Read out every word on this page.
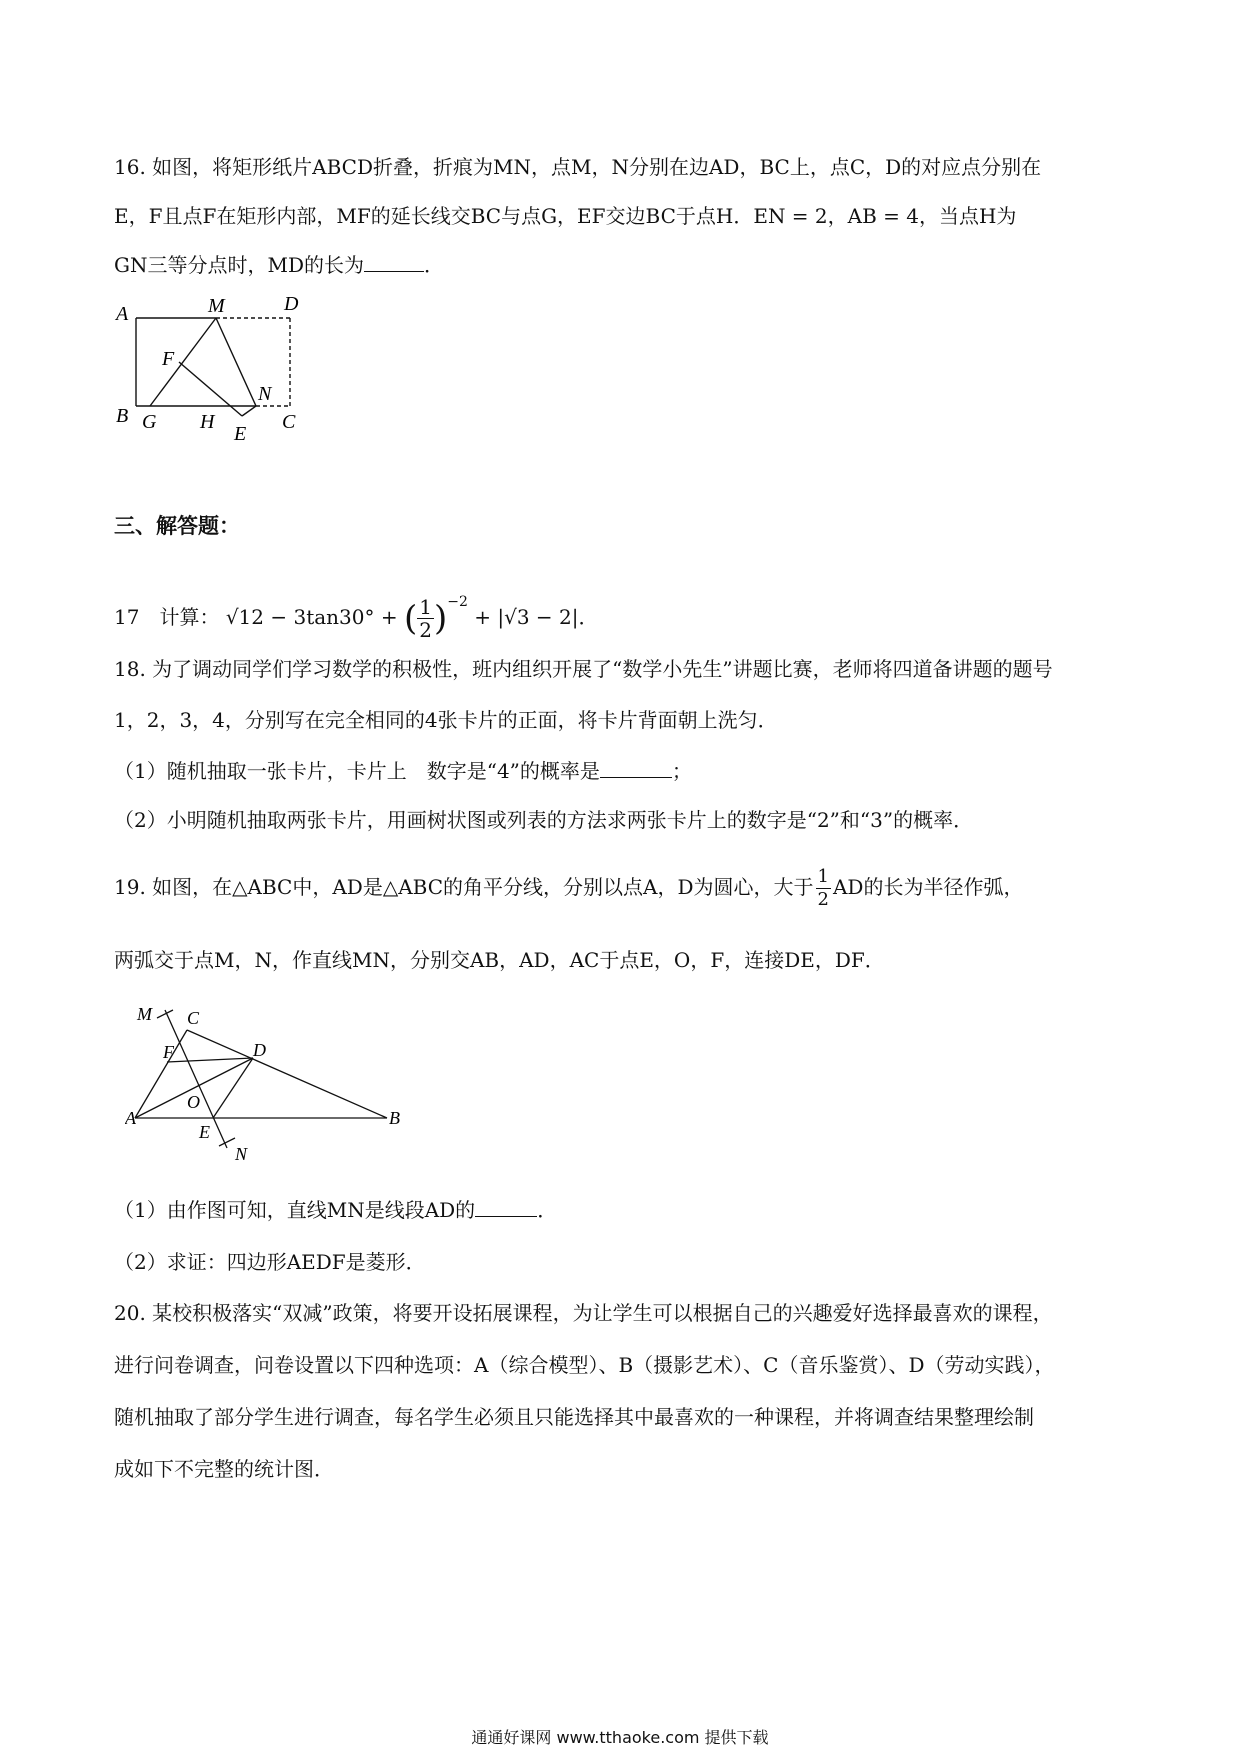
16. 如图，将矩形纸片ABCD折叠，折痕为MN，点M，N分别在边AD，BC上，点C，D的对应点分别在
E，F且点F在矩形内部，MF的延长线交BC与点G，EF交边BC于点H．EN = 2，AB = 4，当点H为
GN三等分点时，MD的长为	．
A	M	D
F
N
B G H
E
C
三、解答题：
17　计算： √12 − 3tan30° + ( $\frac{1}{2} )^{-2} + |√3 - 2|$．
18. 为了调动同学们学习数学的积极性，班内组织开展了“数学小先生”讲题比赛，老师将四道备讲题的题号
1，2，3，4，分别写在完全相同的4张卡片的正面，将卡片背面朝上洗匀．
（1）随机抽取一张卡片，卡片上　数字是“4”的概率是	；
（2）小明随机抽取两张卡片，用画树状图或列表的方法求两张卡片上的数字是“2”和“3”的概率．
19. 如图，在△ABC中，AD是△ABC的角平分线，分别以点A，D为圆心，大于 $\frac{1}{2}$ AD的长为半径作弧，
两弧交于点M，N，作直线MN，分别交AB，AD，AC于点E，O，F，连接DE，DF．
M C
F	D
O
A
E
N
B
（1）由作图可知，直线MN是线段AD的	．
（2）求证：四边形AEDF是菱形．
20. 某校积极落实“双减”政策，将要开设拓展课程，为让学生可以根据自己的兴趣爱好选择最喜欢的课程，
进行问卷调查，问卷设置以下四种选项：A（综合模型）、B（摄影艺术）、C（音乐鉴赏）、D（劳动实践），
随机抽取了部分学生进行调查，每名学生必须且只能选择其中最喜欢的一种课程，并将调查结果整理绘制
成如下不完整的统计图．
通通好课网 www.tthaoke.com 提供下载
